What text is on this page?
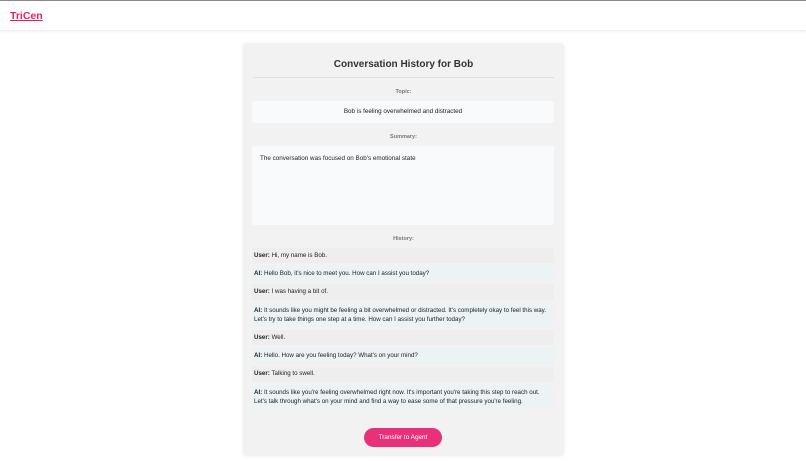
TriCen
Conversation History for Bob
Topic:
Bob is feeling overwhelmed and distracted
Summary:
The conversation was focused on Bob's emotional state
History:
User: Hi, my name is Bob.
AI: Hello Bob, it's nice to meet you. How can I assist you today?
User: I was having a bit of.
AI: It sounds like you might be feeling a bit overwhelmed or distracted. It's completely okay to feel this way. Let's try to take things one step at a time. How can I assist you further today?
User: Well.
AI: Hello. How are you feeling today? What's on your mind?
User: Talking to swell.
AI: It sounds like you're feeling overwhelmed right now. It's important you're taking this step to reach out. Let's talk through what's on your mind and find a way to ease some of that pressure you're feeling.
Transfer to Agent
